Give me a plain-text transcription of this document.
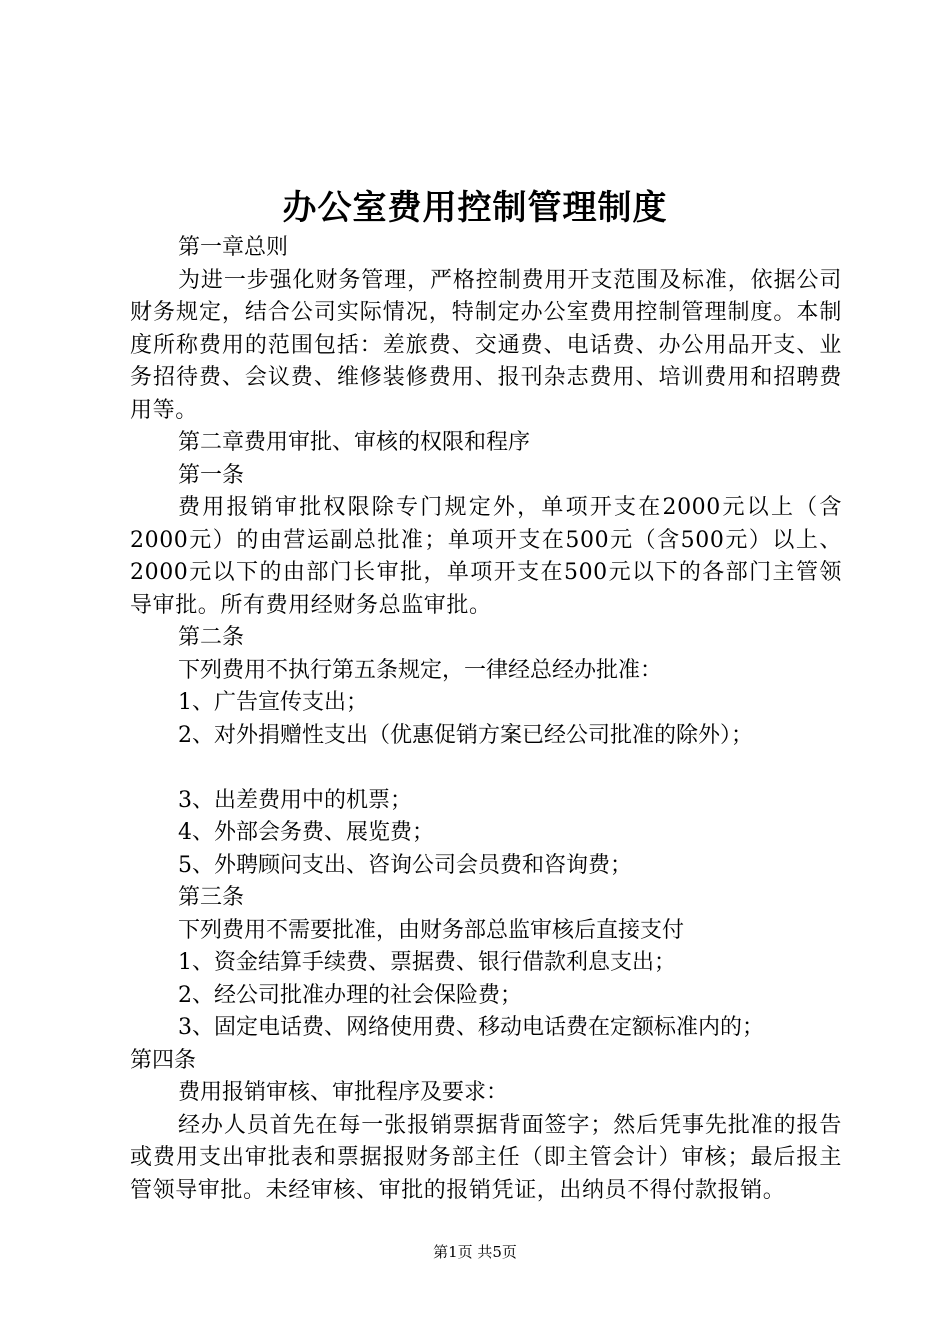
办公室费用控制管理制度

第一章总则

为进一步强化财务管理，严格控制费用开支范围及标准，依据公司财务规定，结合公司实际情况，特制定办公室费用控制管理制度。本制度所称费用的范围包括：差旅费、交通费、电话费、办公用品开支、业务招待费、会议费、维修装修费用、报刊杂志费用、培训费用和招聘费用等。

第二章费用审批、审核的权限和程序

第一条

费用报销审批权限除专门规定外，单项开支在2000元以上（含2000元）的由营运副总批准；单项开支在500元（含500元）以上、2000元以下的由部门长审批，单项开支在500元以下的各部门主管领导审批。所有费用经财务总监审批。

第二条

下列费用不执行第五条规定，一律经总经办批准：

1、广告宣传支出；

2、对外捐赠性支出（优惠促销方案已经公司批准的除外）；

3、出差费用中的机票；

4、外部会务费、展览费；

5、外聘顾问支出、咨询公司会员费和咨询费；

第三条

下列费用不需要批准，由财务部总监审核后直接支付

1、资金结算手续费、票据费、银行借款利息支出；

2、经公司批准办理的社会保险费；

3、固定电话费、网络使用费、移动电话费在定额标准内的；

第四条

费用报销审核、审批程序及要求：

经办人员首先在每一张报销票据背面签字；然后凭事先批准的报告或费用支出审批表和票据报财务部主任（即主管会计）审核；最后报主管领导审批。未经审核、审批的报销凭证，出纳员不得付款报销。

第1页 共5页
